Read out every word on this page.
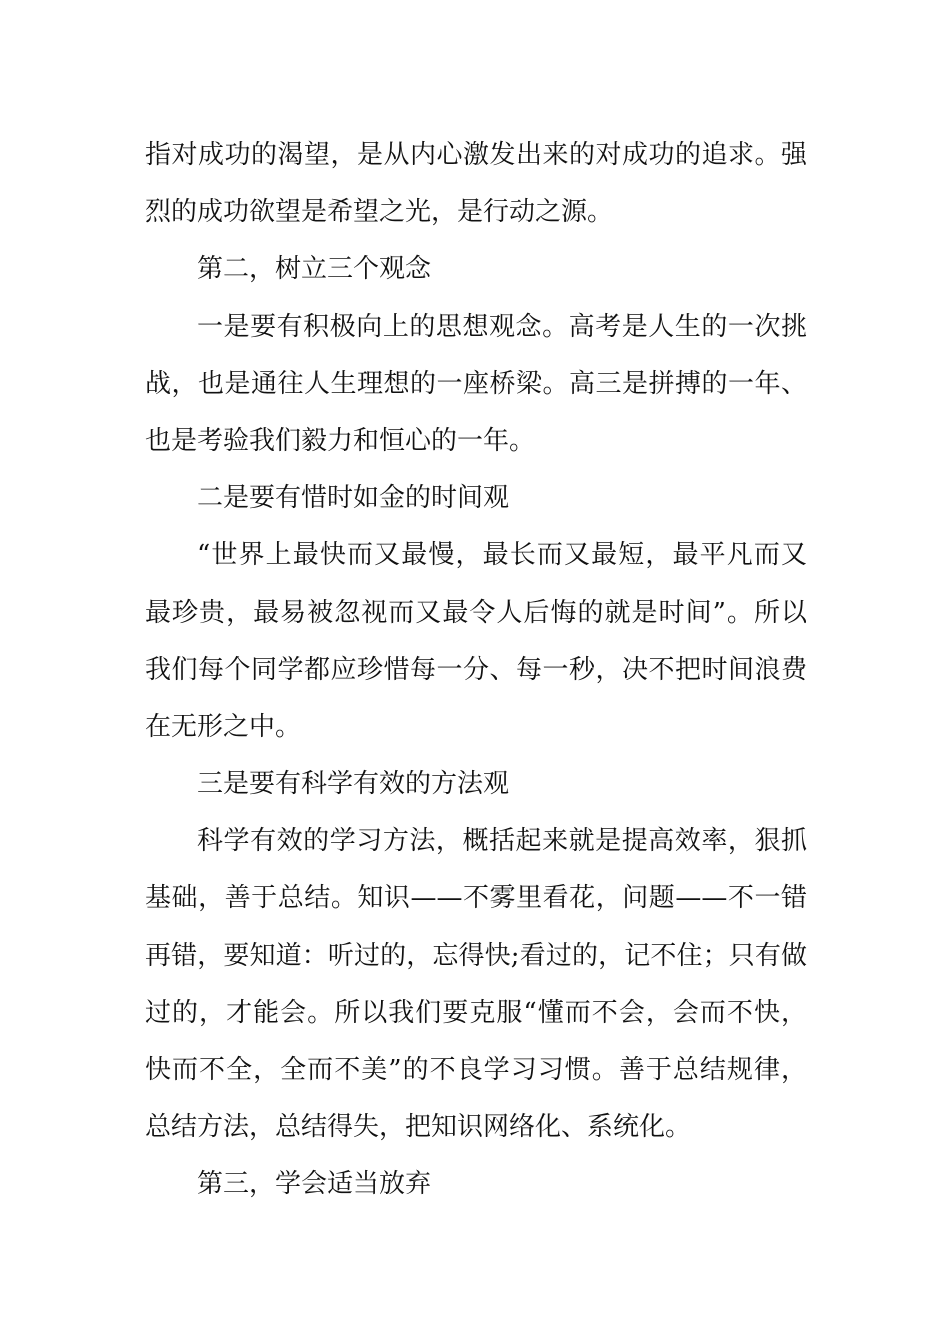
指对成功的渴望，是从内心激发出来的对成功的追求。强
烈的成功欲望是希望之光，是行动之源。
第二，树立三个观念
一是要有积极向上的思想观念。高考是人生的一次挑
战，也是通往人生理想的一座桥梁。高三是拼搏的一年、
也是考验我们毅力和恒心的一年。
二是要有惜时如金的时间观
“世界上最快而又最慢，最长而又最短，最平凡而又
最珍贵，最易被忽视而又最令人后悔的就是时间”。所以
我们每个同学都应珍惜每一分、每一秒，决不把时间浪费
在无形之中。
三是要有科学有效的方法观
科学有效的学习方法，概括起来就是提高效率，狠抓
基础，善于总结。知识——不雾里看花，问题——不一错
再错，要知道：听过的，忘得快;看过的，记不住；只有做
过的，才能会。所以我们要克服“懂而不会，会而不快，
快而不全，全而不美”的不良学习习惯。善于总结规律，
总结方法，总结得失，把知识网络化、系统化。
第三，学会适当放弃
